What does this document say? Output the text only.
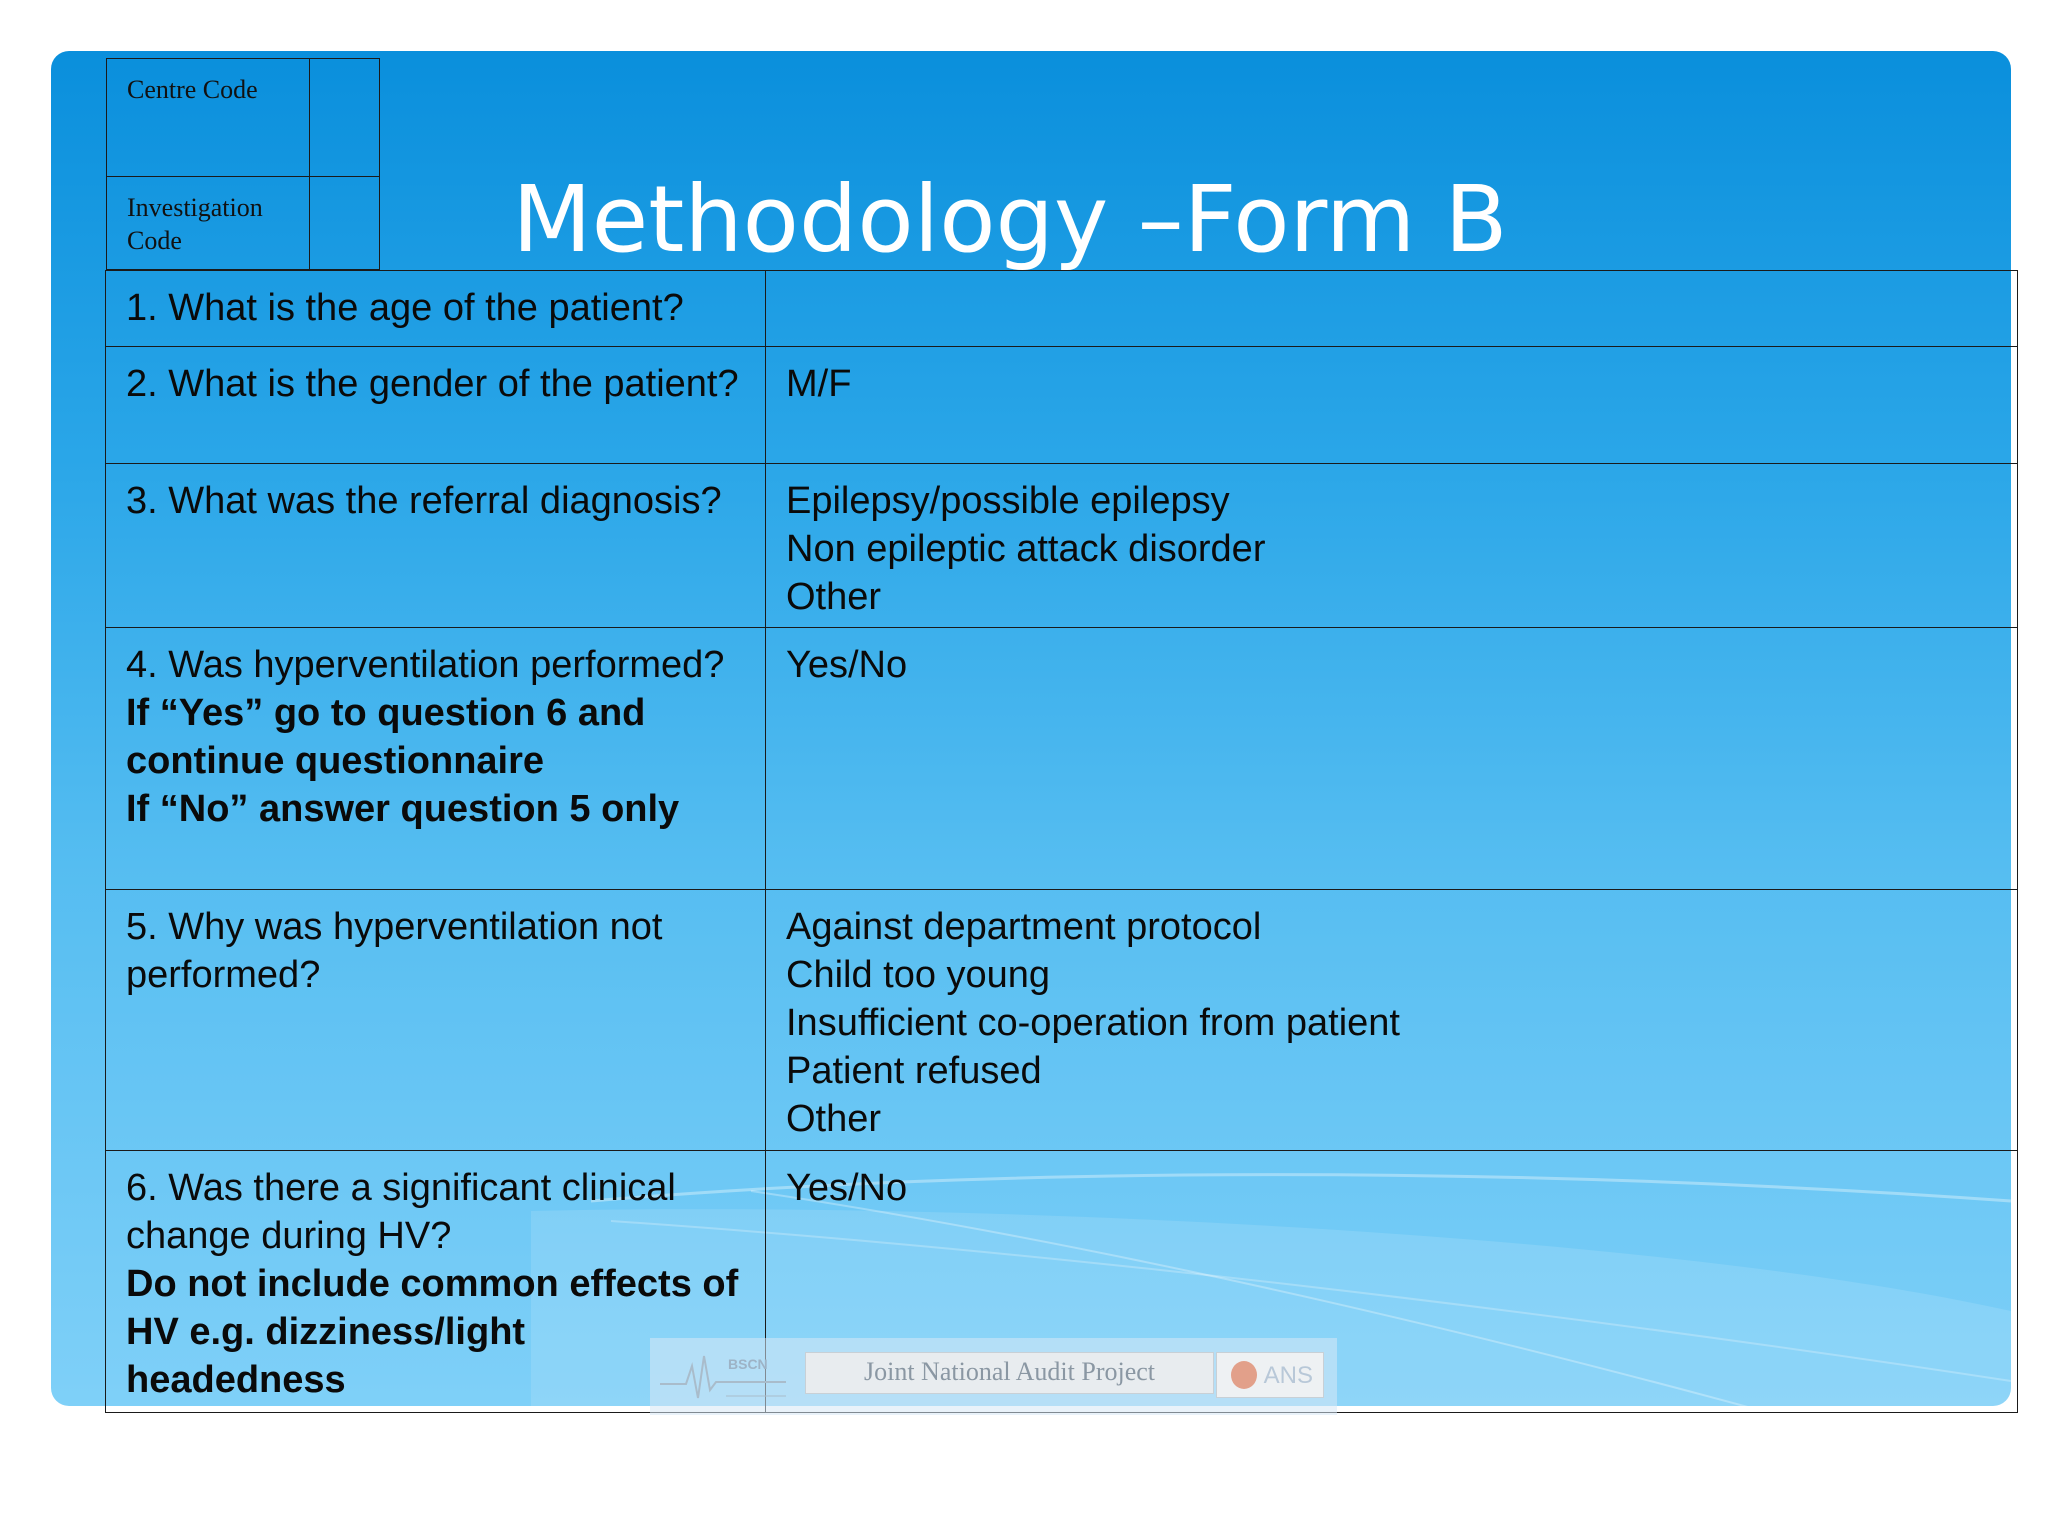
Centre Code
Investigation Code	Methodology –Form B
1. What is the age of the patient?	

2. What is the gender of the patient?	M/F

3. What was the referral diagnosis?	Epilepsy/possible epilepsy
Non epileptic attack disorder
Other

4. Was hyperventilation performed?
If “Yes” go to question 6 and continue questionnaire
If “No” answer question 5 only	Yes/No

5. Why was hyperventilation not performed?	Against department protocol
Child too young
Insufficient co-operation from patient
Patient refused
Other

6. Was there a significant clinical change during HV?
Do not include common effects of HV e.g. dizziness/light headedness	Yes/No
BSCN	Joint National Audit Project	ANS
